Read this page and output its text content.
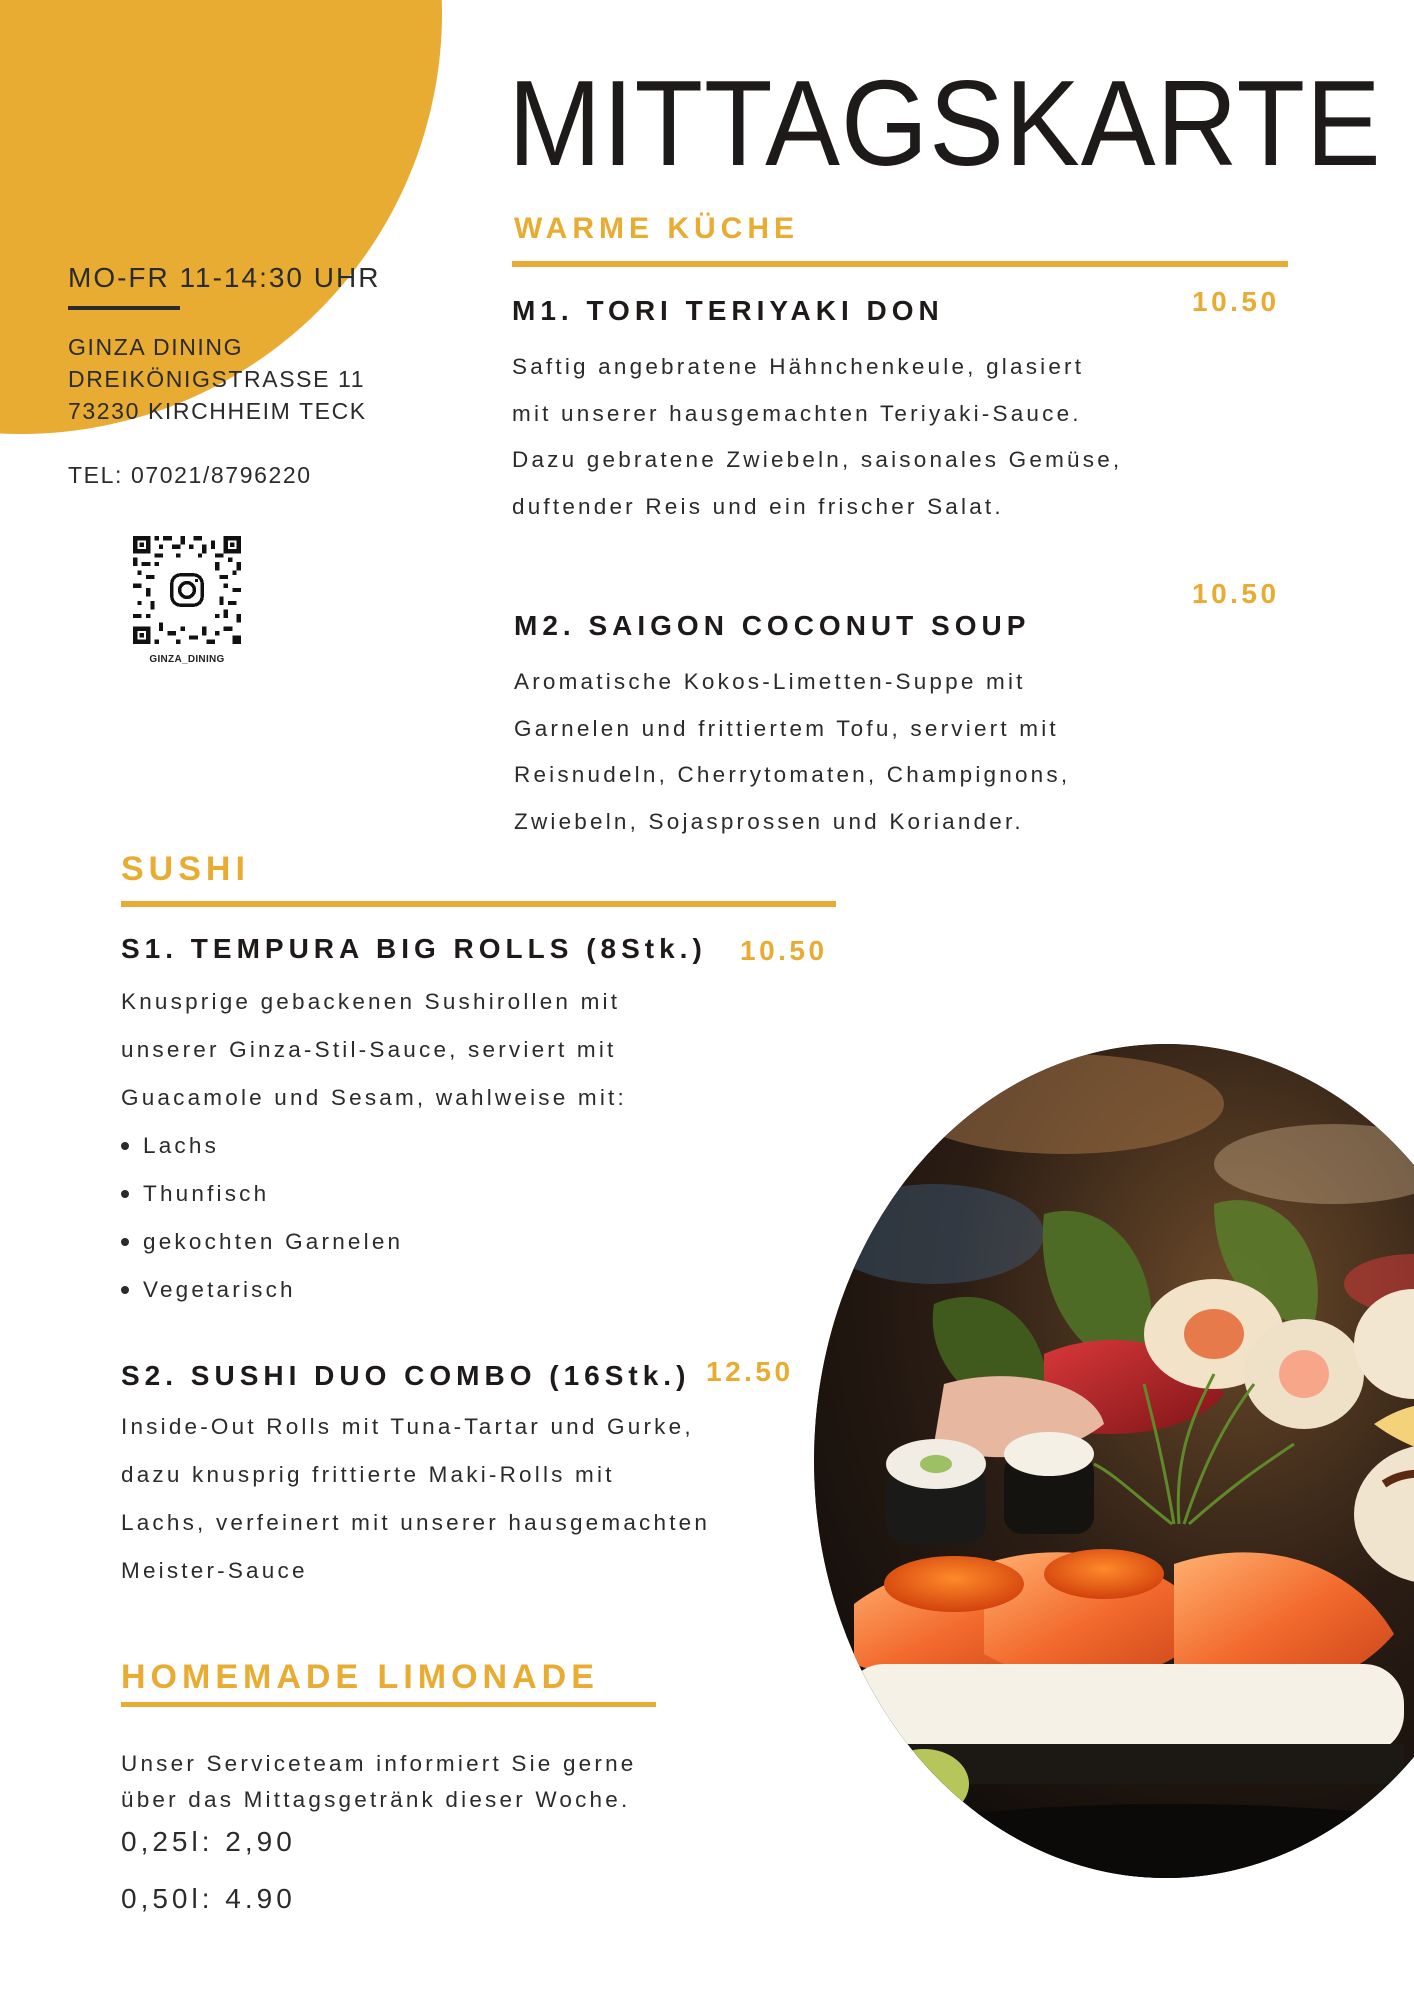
MO-FR 11-14:30 UHR
GINZA DINING
DREIKÖNIGSTRASSE 11
73230 KIRCHHEIM TECK
TEL: 07021/8796220
GINZA_DINING
MITTAGSKARTE
WARME KÜCHE
M1. TORI TERIYAKI DON	10.50
Saftig angebratene Hähnchenkeule, glasiert
mit unserer hausgemachten Teriyaki-Sauce.
Dazu gebratene Zwiebeln, saisonales Gemüse,
duftender Reis und ein frischer Salat.
10.50
M2. SAIGON COCONUT SOUP
Aromatische Kokos-Limetten-Suppe mit
Garnelen und frittiertem Tofu, serviert mit
Reisnudeln, Cherrytomaten, Champignons,
Zwiebeln, Sojasprossen und Koriander.
SUSHI
S1. TEMPURA BIG ROLLS (8Stk.) 10.50
Knusprige gebackenen Sushirollen mit
unserer Ginza-Stil-Sauce, serviert mit
Guacamole und Sesam, wahlweise mit:
Lachs
Thunfisch
gekochten Garnelen
Vegetarisch
S2. SUSHI DUO COMBO (16Stk.) 12.50
Inside-Out Rolls mit Tuna-Tartar und Gurke,
dazu knusprig frittierte Maki-Rolls mit
Lachs, verfeinert mit unserer hausgemachten
Meister-Sauce
HOMEMADE LIMONADE
Unser Serviceteam informiert Sie gerne
über das Mittagsgetränk dieser Woche.
0,25l: 2,90
0,50l: 4.90
